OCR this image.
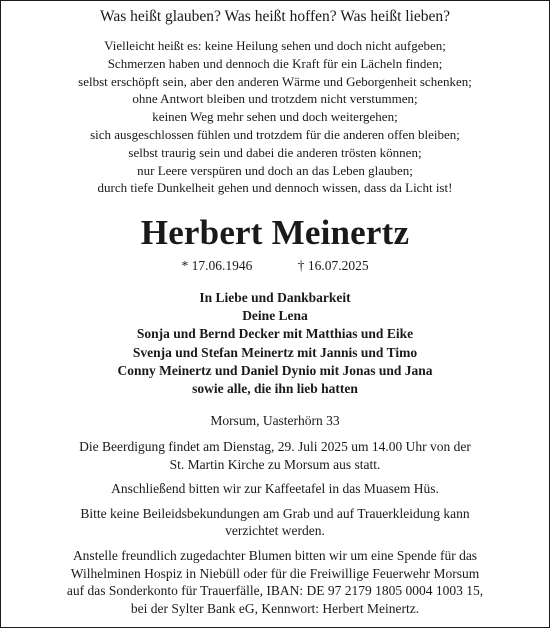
Was heißt glauben? Was heißt hoffen? Was heißt lieben?
Vielleicht heißt es: keine Heilung sehen und doch nicht aufgeben;
Schmerzen haben und dennoch die Kraft für ein Lächeln finden;
selbst erschöpft sein, aber den anderen Wärme und Geborgenheit schenken;
ohne Antwort bleiben und trotzdem nicht verstummen;
keinen Weg mehr sehen und doch weitergehen;
sich ausgeschlossen fühlen und trotzdem für die anderen offen bleiben;
selbst traurig sein und dabei die anderen trösten können;
nur Leere verspüren und doch an das Leben glauben;
durch tiefe Dunkelheit gehen und dennoch wissen, dass da Licht ist!
Herbert Meinertz
* 17.06.1946	† 16.07.2025
In Liebe und Dankbarkeit
Deine Lena
Sonja und Bernd Decker mit Matthias und Eike
Svenja und Stefan Meinertz mit Jannis und Timo
Conny Meinertz und Daniel Dynio mit Jonas und Jana
sowie alle, die ihn lieb hatten
Morsum, Uasterhörn 33
Die Beerdigung findet am Dienstag, 29. Juli 2025 um 14.00 Uhr von der
St. Martin Kirche zu Morsum aus statt.
Anschließend bitten wir zur Kaffeetafel in das Muasem Hüs.
Bitte keine Beileidsbekundungen am Grab und auf Trauerkleidung kann
verzichtet werden.
Anstelle freundlich zugedachter Blumen bitten wir um eine Spende für das
Wilhelminen Hospiz in Niebüll oder für die Freiwillige Feuerwehr Morsum
auf das Sonderkonto für Trauerfälle, IBAN: DE 97 2179 1805 0004 1003 15,
bei der Sylter Bank eG, Kennwort: Herbert Meinertz.
